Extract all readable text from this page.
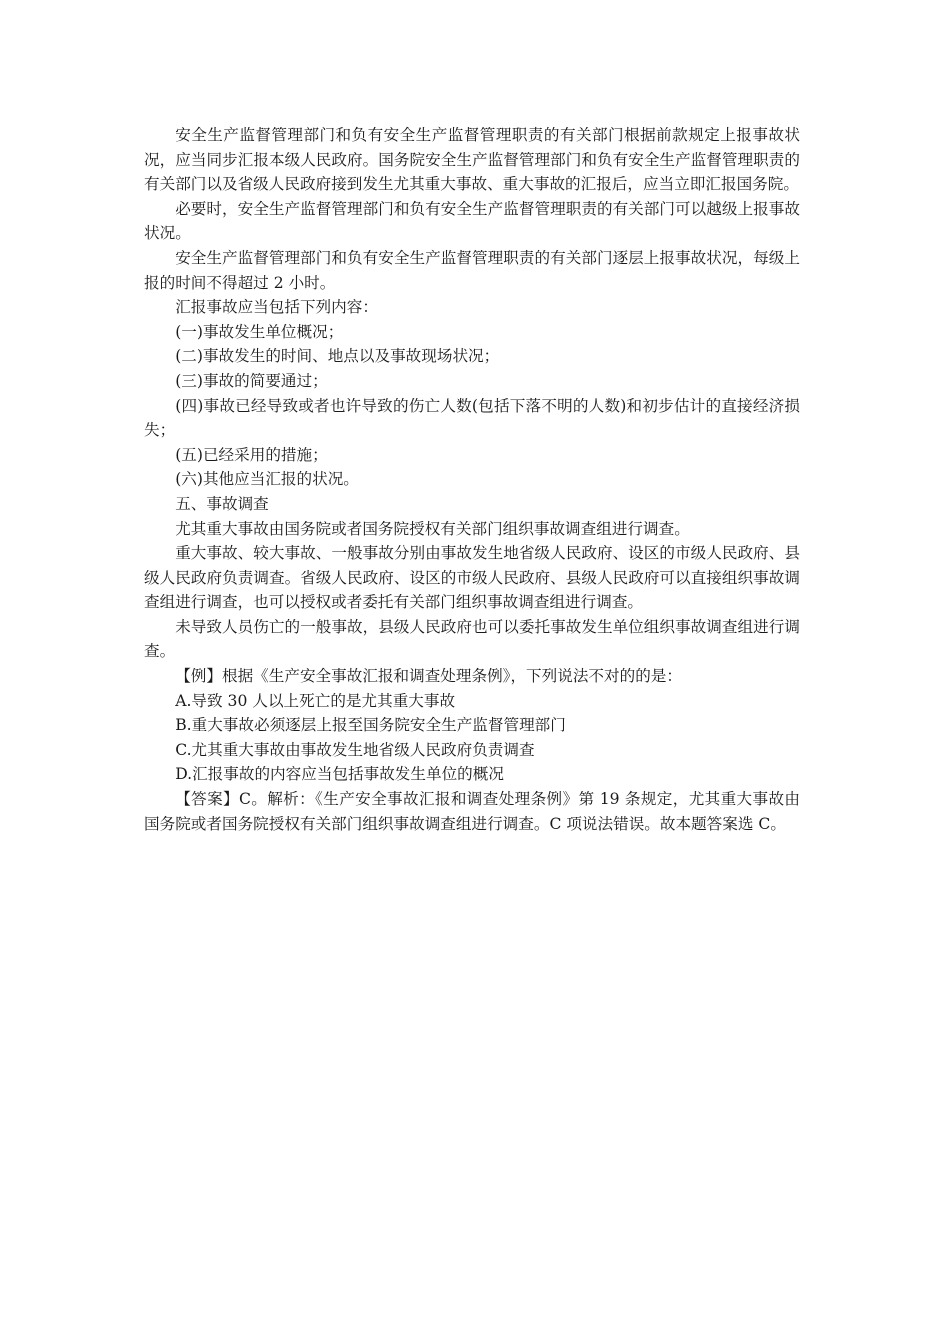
安全生产监督管理部门和负有安全生产监督管理职责的有关部门根据前款规定上报事故状况，应当同步汇报本级人民政府。国务院安全生产监督管理部门和负有安全生产监督管理职责的有关部门以及省级人民政府接到发生尤其重大事故、重大事故的汇报后，应当立即汇报国务院。

必要时，安全生产监督管理部门和负有安全生产监督管理职责的有关部门可以越级上报事故状况。

安全生产监督管理部门和负有安全生产监督管理职责的有关部门逐层上报事故状况，每级上报的时间不得超过 2 小时。

汇报事故应当包括下列内容：

(一)事故发生单位概况；

(二)事故发生的时间、地点以及事故现场状况；

(三)事故的简要通过；

(四)事故已经导致或者也许导致的伤亡人数(包括下落不明的人数)和初步估计的直接经济损失；

(五)已经采用的措施；

(六)其他应当汇报的状况。

五、事故调查

尤其重大事故由国务院或者国务院授权有关部门组织事故调查组进行调查。

重大事故、较大事故、一般事故分别由事故发生地省级人民政府、设区的市级人民政府、县级人民政府负责调查。省级人民政府、设区的市级人民政府、县级人民政府可以直接组织事故调查组进行调查，也可以授权或者委托有关部门组织事故调查组进行调查。

未导致人员伤亡的一般事故，县级人民政府也可以委托事故发生单位组织事故调查组进行调查。

【例】根据《生产安全事故汇报和调查处理条例》，下列说法不对的的是：

A.导致 30 人以上死亡的是尤其重大事故

B.重大事故必须逐层上报至国务院安全生产监督管理部门

C.尤其重大事故由事故发生地省级人民政府负责调查

D.汇报事故的内容应当包括事故发生单位的概况

【答案】C。解析：《生产安全事故汇报和调查处理条例》第 19 条规定，尤其重大事故由国务院或者国务院授权有关部门组织事故调查组进行调查。C 项说法错误。故本题答案选 C。
